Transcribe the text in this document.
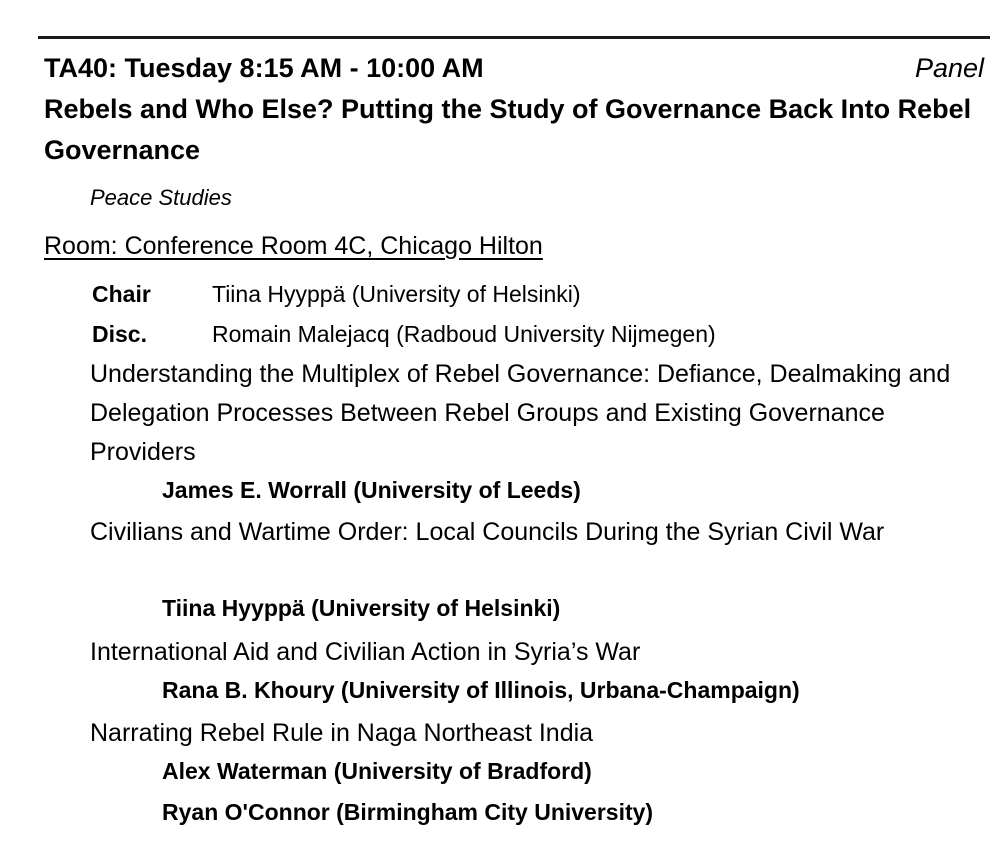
TA40: Tuesday 8:15 AM - 10:00 AM	Panel
Rebels and Who Else? Putting the Study of Governance Back Into Rebel Governance
Peace Studies
Room: Conference Room 4C, Chicago Hilton
Chair	Tiina Hyyppä (University of Helsinki)
Disc.	Romain Malejacq (Radboud University Nijmegen)
Understanding the Multiplex of Rebel Governance: Defiance, Dealmaking and Delegation Processes Between Rebel Groups and Existing Governance Providers
James E. Worrall (University of Leeds)
Civilians and Wartime Order: Local Councils During the Syrian Civil War
Tiina Hyyppä (University of Helsinki)
International Aid and Civilian Action in Syria’s War
Rana B. Khoury (University of Illinois, Urbana-Champaign)
Narrating Rebel Rule in Naga Northeast India
Alex Waterman (University of Bradford)
Ryan O'Connor (Birmingham City University)
